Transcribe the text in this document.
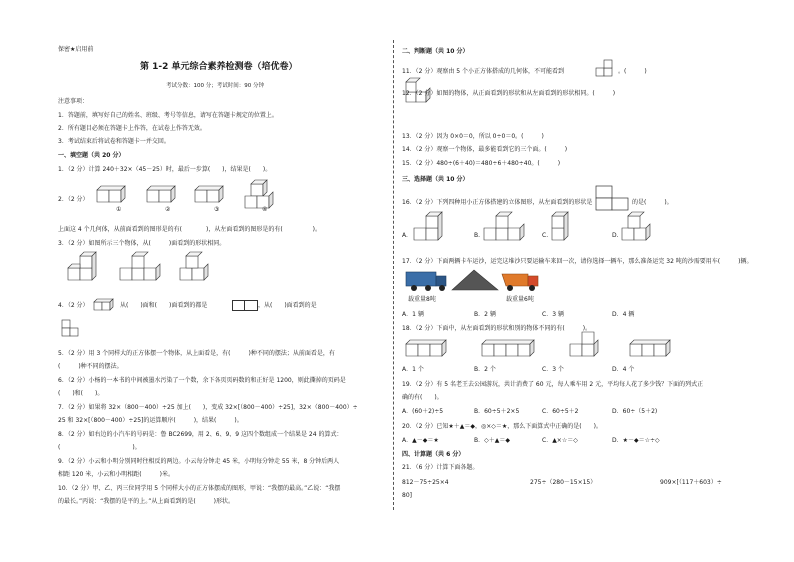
保密★启用前
第 1-2 单元综合素养检测卷（培优卷）
考试分数：100 分；考试时间：90 分钟
注意事项：
1．答题前，填写好自己的姓名、班级、考号等信息，请写在答题卡规定的位置上。
2．所有题目必须在答题卡上作答，在试卷上作答无效。
3．考试结束后将试卷和答题卡一并交回。
一、填空题（共 20 分）
1．（2 分）计算 240＋32×（45－25）时，最后一步算(　　)，结果是(　　)。
2．（2 分）
①	②	③	④
上面这 4 个几何体，从前面看到的图形是的有(　　　　)，从左面看到的图形是的有(　　　　　)。
3．（2 分）如图所示三个物体，从(　　　)面看到的形状相同。
4．（2 分）	从(　　)面和(　　)面看到的都是	，从(　　)面看到的是
5．（2 分）用 3 个同样大的正方体摆一个物体，从上面看是，有(　　　)种不同的摆法；从前面看是，有
(　　　)种不同的摆法。
6．（2 分）小杨的一本书的中间被墨水污染了一个数，余下各页页码数的和正好是 1200，则此撕掉的页码是
(　　)和(　　)。
7．（2 分）如果将 32×（800－400）÷25 加上(　　)，变成 32×[（800－400）÷25]，32×（800－400）÷
25 和 32×[（800－400）÷25]的运算顺序(　　　)，结果(　　　)。
8．（2 分）如右边的小汽车的号码是：鲁 BC2699，用 2、6、9、9 这四个数组成一个结果是 24 的算式：
(　　　　　　　　　　　　)。
9．（2 分）小云和小明分别同时往相反的两边。小云每分钟走 45 米，小明每分钟走 55 米，8 分钟后两人
相距 120 米，小云和小明相距(　　　)米。
10．（2 分）甲、乙、丙三位同学用 5 个同样大小的正方体摆成的图形，甲说：“我摆的最高。”乙说：“我摆
的最长。”丙说：“我摆的是平的上。”从上面看到的是(　　　)形状。
二、判断题（共 10 分）
11．（2 分）观察由 5 个小正方体搭成的几何体，不可能看到	。(　　　)
12．（2 分）如图的物体，从正面看到的形状和从左面看到的形状相同。(　　　)
13．（2 分）因为 0×0＝0，所以 0÷0＝0。(　　　)
14．（2 分）观察一个物体，最多能看到它的三个面。(　　　)
15．（2 分）480÷(6＋40)＝480÷6＋480÷40。(　　　)
三、选择题（共 10 分）
16．（2 分）下列四种用小正方体搭建的立体图形，从左面看到的形状是	的是(　　　)。
A.	B.	C.	D.
17．（2 分）下面两辆卡车运沙，运完这堆沙只要运输车来回一次，请你选择一辆车，那么准备运完 32 吨的沙需要用车(　　　)辆。
载重量8吨	载重量6吨
A．1 辆	B．2 辆	C．3 辆	D．4 辆
18．（2 分）下面中，从左面看到的形状和别的物体不同的有(　　　)。
A．1 个	B．2 个	C．3 个	D．4 个
19．（2 分）有 5 名老王去公园游玩，共计消费了 60 元，每人乘车用 2 元，平均每人花了多少钱？下面的列式正
确的有(　　)。
A．(60＋2)÷5	B．60÷5＋2×5	C．60÷5＋2	D．60÷（5＋2)
20．（2 分）已知★＋▲＝◆，◎×◇＝★，那么下面算式中正确的是(　　)。
A．▲－◆＝★	B．◇＋▲＝◆	C．▲×☆＝◇	D．★－◆＝☆÷◇
四、计算题（共 6 分）
21．（6 分）计算下面各题。
812－75÷25×4	275÷（280－15×15）	909×[（117＋603）÷
80]
